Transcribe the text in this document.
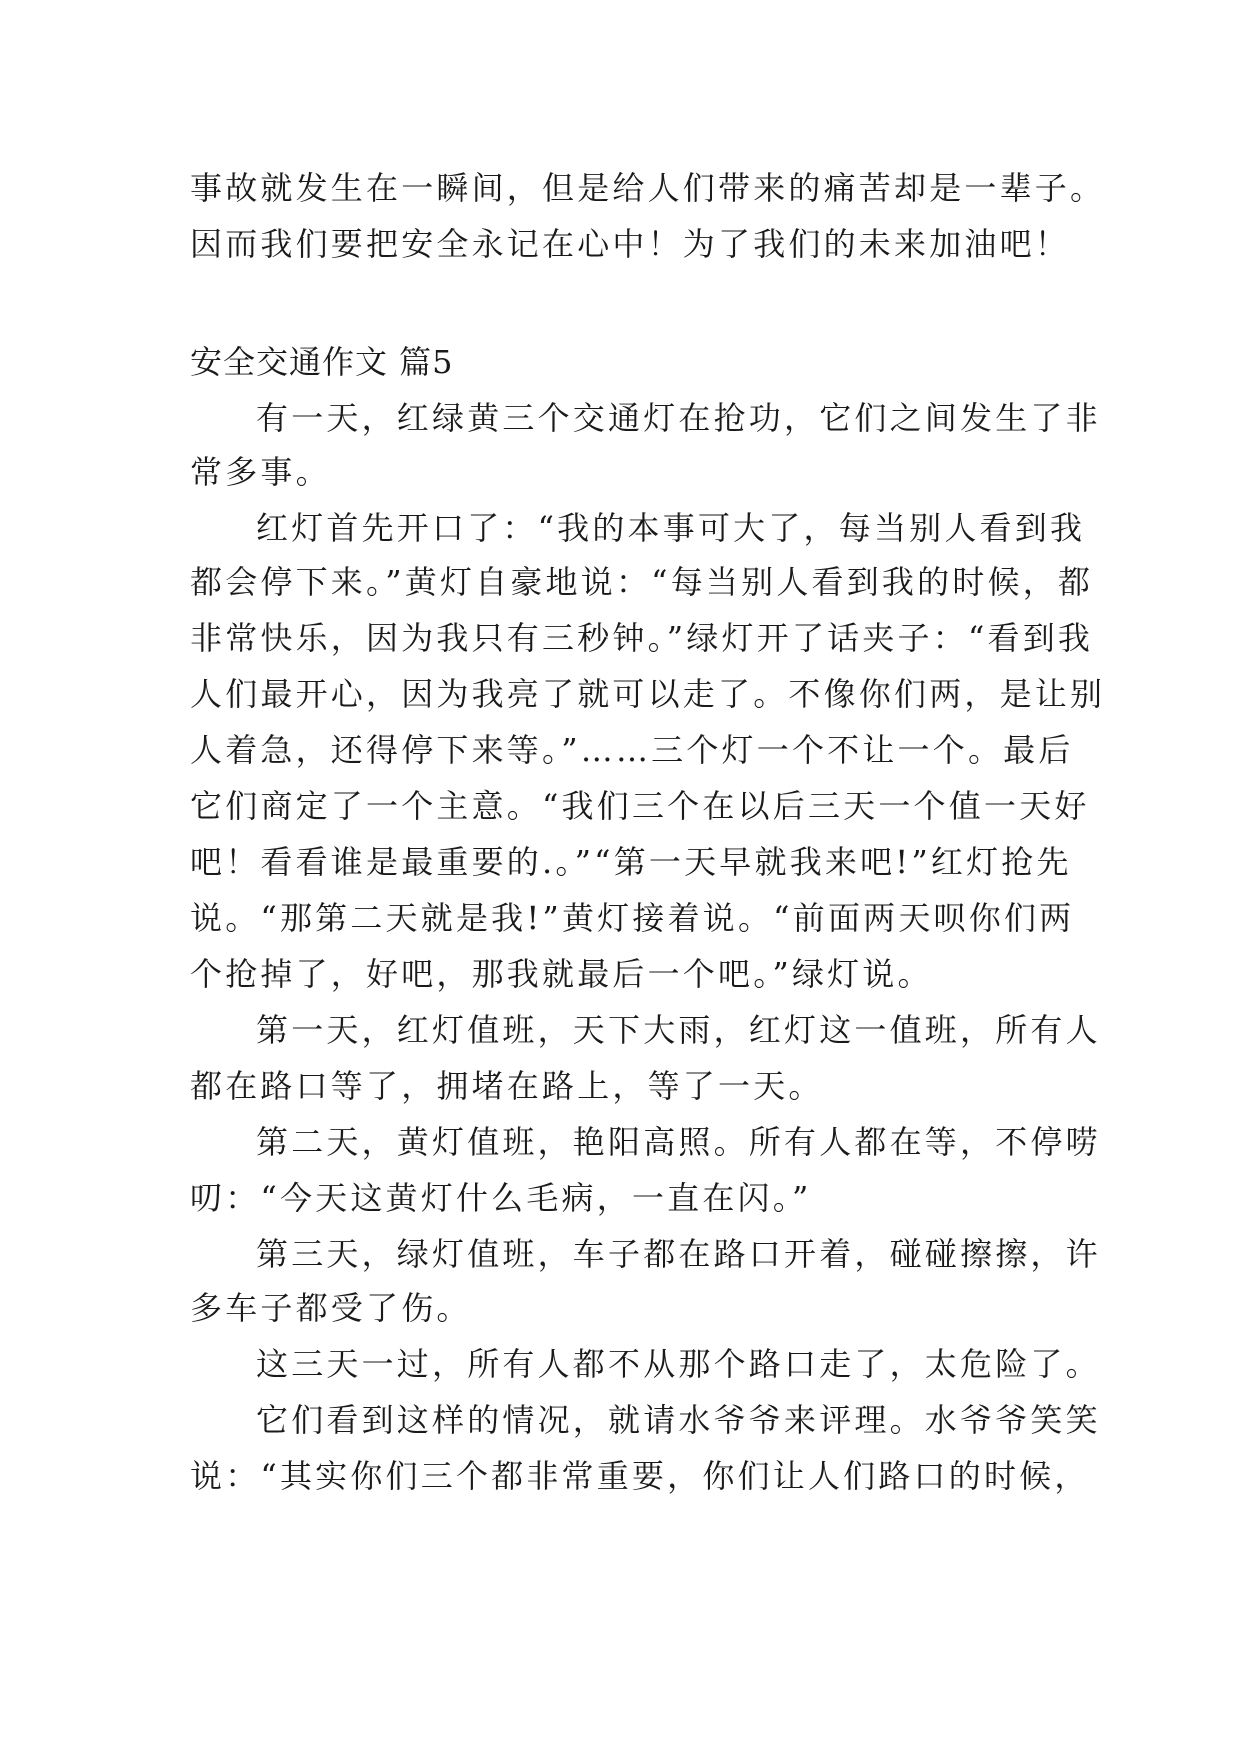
事故就发生在一瞬间，但是给人们带来的痛苦却是一辈子。
因而我们要把安全永记在心中！为了我们的未来加油吧！
安全交通作文 篇5
有一天，红绿黄三个交通灯在抢功，它们之间发生了非
常多事。
红灯首先开口了：“我的本事可大了，每当别人看到我
都会停下来。”黄灯自豪地说：“每当别人看到我的时候，都
非常快乐，因为我只有三秒钟。”绿灯开了话夹子：“看到我
人们最开心，因为我亮了就可以走了。不像你们两，是让别
人着急，还得停下来等。”……三个灯一个不让一个。最后
它们商定了一个主意。“我们三个在以后三天一个值一天好
吧！看看谁是最重要的.。”“第一天早就我来吧!”红灯抢先
说。“那第二天就是我!”黄灯接着说。“前面两天呗你们两
个抢掉了，好吧，那我就最后一个吧。”绿灯说。
第一天，红灯值班，天下大雨，红灯这一值班，所有人
都在路口等了，拥堵在路上，等了一天。
第二天，黄灯值班，艳阳高照。所有人都在等，不停唠
叨：“今天这黄灯什么毛病，一直在闪。”
第三天，绿灯值班，车子都在路口开着，碰碰擦擦，许
多车子都受了伤。
这三天一过，所有人都不从那个路口走了，太危险了。
它们看到这样的情况，就请水爷爷来评理。水爷爷笑笑
说：“其实你们三个都非常重要，你们让人们路口的时候，
